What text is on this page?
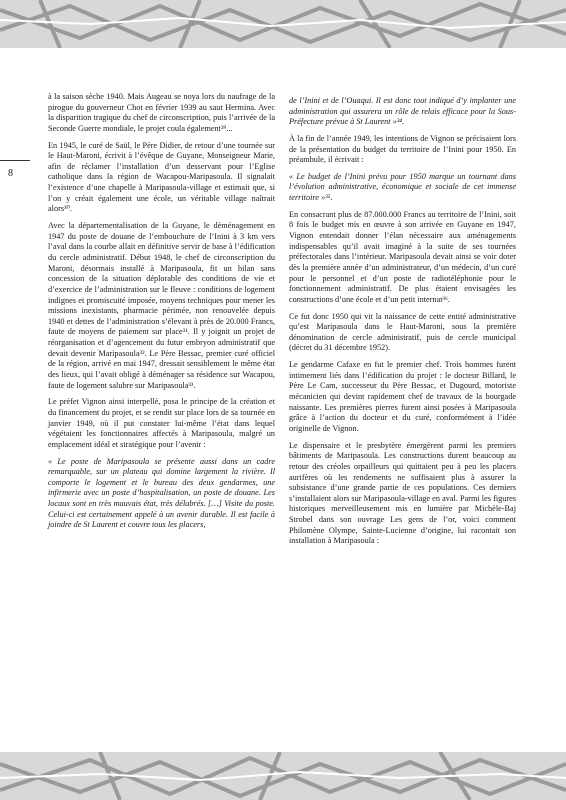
8

à la saison sèche 1940. Mais Augeau se noya lors du naufrage de la pirogue du gouverneur Chot en février 1939 au saut Hermina. Avec la disparition tragique du chef de circonscription, puis l’arrivée de la Seconde Guerre mondiale, le projet coula également²⁹...

En 1945, le curé de Saül, le Père Didier, de retour d’une tournée sur le Haut-Maroni, écrivit à l’évêque de Guyane, Monseigneur Marie, afin de réclamer l’installation d’un desservant pour l’Eglise catholique dans la région de Wacapou-Maripasoula. Il signalait l’existence d’une chapelle à Maripasoula-village et estimait que, si l’on y créait également une école, un véritable village naîtrait alors³⁰.

Avec la départementalisation de la Guyane, le déménagement en 1947 du poste de douane de l’embouchure de l’Inini à 3 km vers l’aval dans la courbe allait en définitive servir de base à l’édification du cercle administratif. Début 1948, le chef de circonscription du Maroni, désormais installé à Maripasoula, fit un bilan sans concession de la situation déplorable des conditions de vie et d’exercice de l’administration sur le fleuve : conditions de logement indignes et promiscuité imposée, moyens techniques pour mener les missions inexistants, pharmacie périmée, non renouvelée depuis 1940 et dettes de l’administration s’élevant à près de 20.000 Francs, faute de moyens de paiement sur place³¹. Il y joignit un projet de réorganisation et d’agencement du futur embryon administratif que devait devenir Maripasoula³². Le Père Bessac, premier curé officiel de la région, arrivé en mai 1947, dressait sensiblement le même état des lieux, qui l’avait obligé à déménager sa résidence sur Wacapou, faute de logement salubre sur Maripasoula³³.

Le préfet Vignon ainsi interpellé, posa le principe de la création et du financement du projet, et se rendit sur place lors de sa tournée en janvier 1949, où il put constater lui-même l’état dans lequel végétaient les fonctionnaires affectés à Maripasoula, malgré un emplacement idéal et stratégique pour l’avenir :

« Le poste de Maripasoula se présente aussi dans un cadre remarquable, sur un plateau qui domine largement la rivière. Il comporte le logement et le bureau des deux gendarmes, une infirmerie avec un poste d’hospitalisation, un poste de douane. Les locaux sont en très mauvais état, très délabrés. […] Visite du poste. Celui-ci est certainement appelé à un avenir durable. Il est facile à joindre de St Laurent et couvre tous les placers,

de l’Inini et de l’Ouaqui. Il est donc tout indiqué d’y implanter une administration qui assurera un rôle de relais efficace pour la Sous-Préfecture prévue à St Laurent »³⁴.

À la fin de l’année 1949, les intentions de Vignon se précisaient lors de la présentation du budget du territoire de l’Inini pour 1950. En préambule, il écrivait :

« Le budget de l’Inini prévu pour 1950 marque un tournant dans l’évolution administrative, économique et sociale de cet immense territoire »³⁵.

En consacrant plus de 87.000.000 Francs au territoire de l’Inini, soit 8 fois le budget mis en œuvre à son arrivée en Guyane en 1947, Vignon entendait donner l’élan nécessaire aux aménagements indispensables qu’il avait imaginé à la suite de ses tournées préfectorales dans l’intérieur. Maripasoula devait ainsi se voir doter dès la première année d’un administrateur, d’un médecin, d’un curé pour le personnel et d’un poste de radiotéléphonie pour le fonctionnement administratif. De plus étaient envisagées les constructions d’une école et d’un petit internat³⁶.

Ce fut donc 1950 qui vit la naissance de cette entité administrative qu’est Maripasoula dans le Haut-Maroni, sous la première dénomination de cercle administratif, puis de cercle municipal (décret du 31 décembre 1952).

Le gendarme Cafaxe en fut le premier chef. Trois hommes furent intimement liés dans l’édification du projet : le docteur Billard, le Père Le Cam, successeur du Père Bessac, et Dugourd, motoriste mécanicien qui devint rapidement chef de travaux de la bourgade naissante. Les premières pierres furent ainsi posées à Maripasoula grâce à l’action du docteur et du curé, conformément à l’idée originelle de Vignon.

Le dispensaire et le presbytère émergèrent parmi les premiers bâtiments de Maripasoula. Les constructions durent beaucoup au retour des créoles orpailleurs qui quittaient peu à peu les placers aurifères où les rendements ne suffisaient plus à assurer la subsistance d’une grande partie de ces populations. Ces derniers s’installaient alors sur Maripasoula-village en aval. Parmi les figures historiques merveilleusement mis en lumière par Michèle-Baj Strobel dans son ouvrage Les gens de l’or, voici comment Philomène Olympe, Sainte-Lucienne d’origine, lui racontait son installation à Maripasoula :
